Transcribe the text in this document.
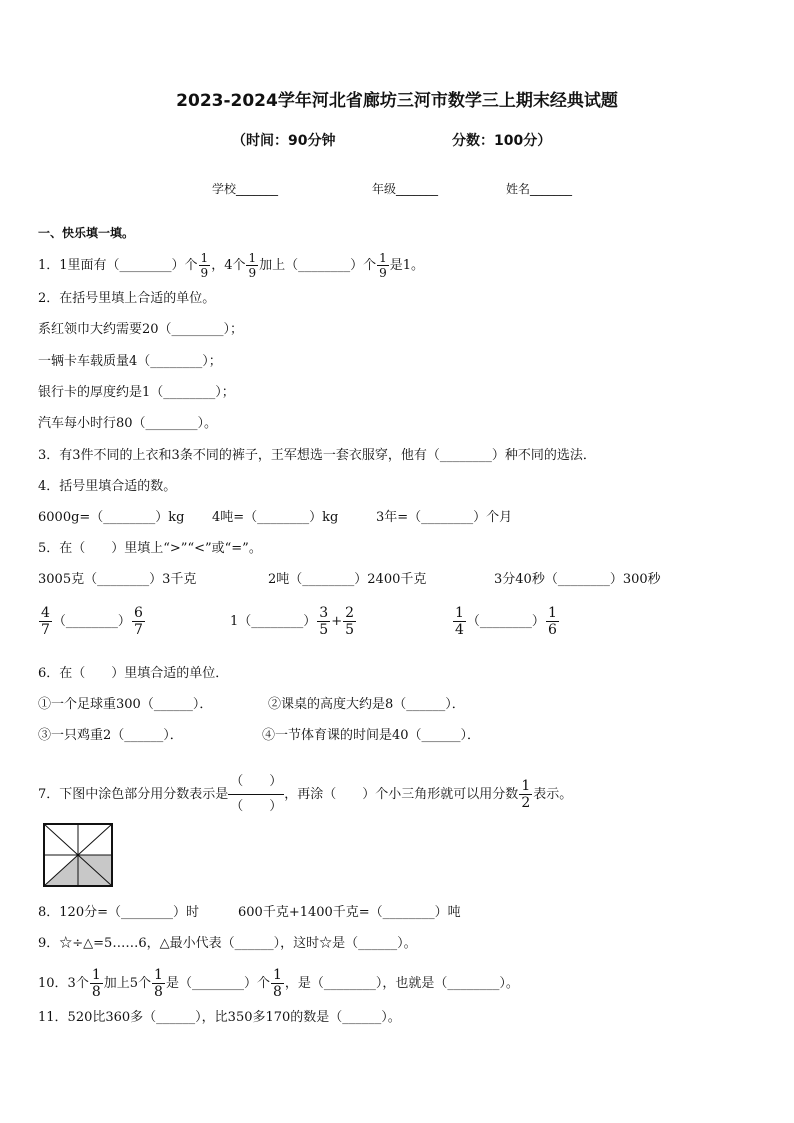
2023-2024学年河北省廊坊三河市数学三上期末经典试题
（时间：90分钟	分数：100分）
学校_______	年级_______	姓名_______
一、快乐填一填。
1．1里面有（________）个 $\frac{1}{9}$ ，4个 $\frac{1}{9}$ 加上（________）个 $\frac{1}{9}$ 是1。
2．在括号里填上合适的单位。
系红领巾大约需要20（________）；
一辆卡车载质量4（________）；
银行卡的厚度约是1（________）；
汽车每小时行80（________）。
3．有3件不同的上衣和3条不同的裤子，王军想选一套衣服穿，他有（________）种不同的选法．
4．括号里填合适的数。
6000g=（________）kg 4吨=（________）kg	3年=（________）个月
5．在（　　）里填上“>”“<”或“=”。
3005克（________）3千克	2吨（________）2400千克	3分40秒（________）300秒
$\frac{4}{7}$ （________） $\frac{6}{7}$	1（________） $\frac{3}{5} + \frac{2}{5}$	$\frac{1}{4}$ （________） $\frac{1}{6}$
6．在（　　）里填合适的单位．
①一个足球重300（______）．	②课桌的高度大约是8（______）．
③一只鸡重2（______）．	④一节体育课的时间是40（______）．
7．下图中涂色部分用分数表示是 $\frac{( )}{( )}$ ，再涂（　　）个小三角形就可以用分数 $\frac{1}{2}$ 表示。
8．120分=（________）时	600千克+1400千克=（________）吨
9．☆÷△=5……6，△最小代表（______），这时☆是（______）。
10．3个 $\frac{1}{8}$ 加上5个 $\frac{1}{8}$ 是（________）个 $\frac{1}{8}$ ，是（________），也就是（________）。
11．520比360多（______），比350多170的数是（______）。
